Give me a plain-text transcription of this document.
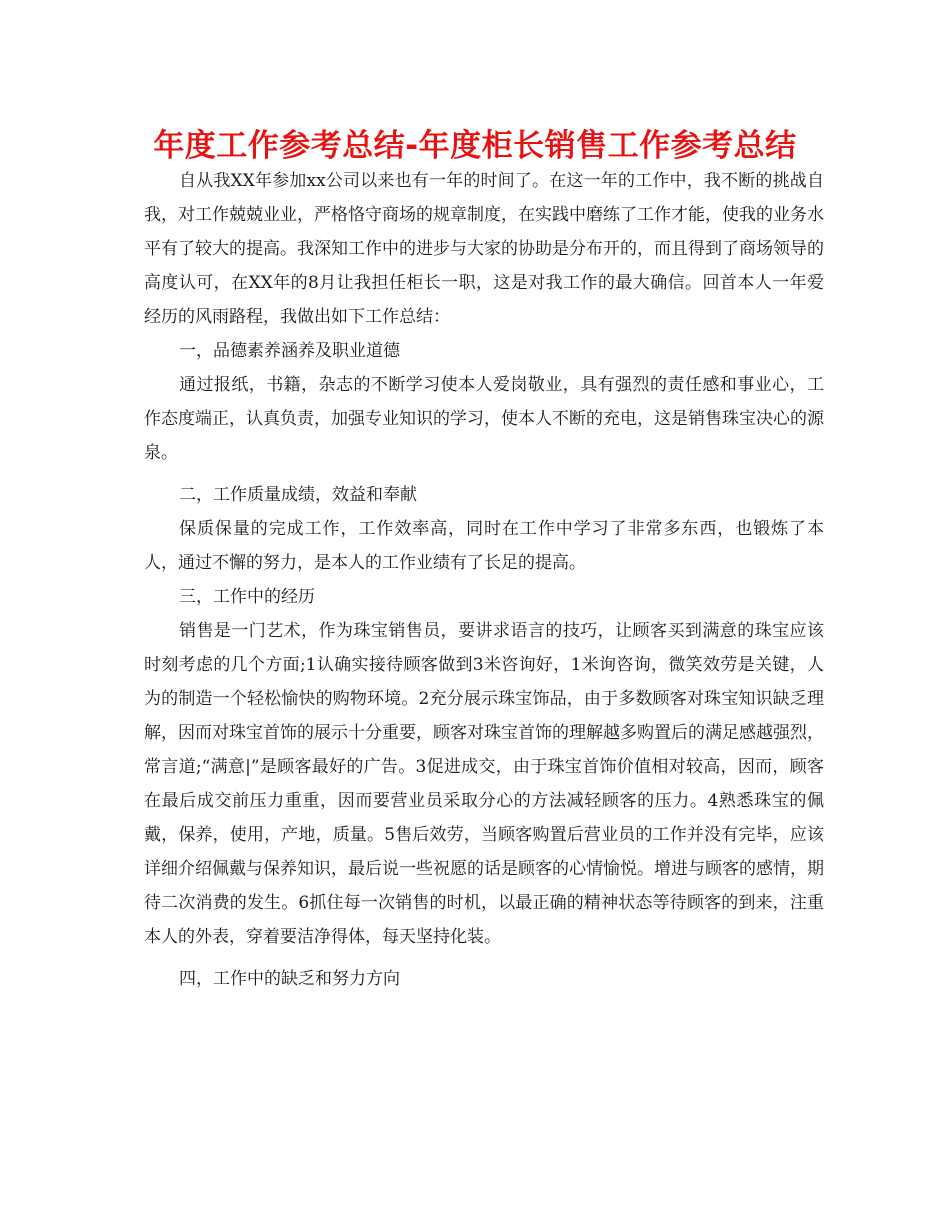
年度工作参考总结-年度柜长销售工作参考总结

自从我XX年参加xx公司以来也有一年的时间了。在这一年的工作中，我不断的挑战自我，对工作兢兢业业，严格恪守商场的规章制度，在实践中磨练了工作才能，使我的业务水平有了较大的提高。我深知工作中的进步与大家的协助是分布开的，而且得到了商场领导的高度认可，在XX年的8月让我担任柜长一职，这是对我工作的最大确信。回首本人一年爱经历的风雨路程，我做出如下工作总结：

一，品德素养涵养及职业道德

通过报纸，书籍，杂志的不断学习使本人爱岗敬业，具有强烈的责任感和事业心，工作态度端正，认真负责，加强专业知识的学习，使本人不断的充电，这是销售珠宝决心的源泉。

二，工作质量成绩，效益和奉献

保质保量的完成工作，工作效率高，同时在工作中学习了非常多东西，也锻炼了本人，通过不懈的努力，是本人的工作业绩有了长足的提高。

三，工作中的经历

销售是一门艺术，作为珠宝销售员，要讲求语言的技巧，让顾客买到满意的珠宝应该时刻考虑的几个方面;1认确实接待顾客做到3米咨询好，1米询咨询，微笑效劳是关键，人为的制造一个轻松愉快的购物环境。2充分展示珠宝饰品，由于多数顾客对珠宝知识缺乏理解，因而对珠宝首饰的展示十分重要，顾客对珠宝首饰的理解越多购置后的满足感越强烈，常言道;“满意|”是顾客最好的广告。3促进成交，由于珠宝首饰价值相对较高，因而，顾客在最后成交前压力重重，因而要营业员采取分心的方法减轻顾客的压力。4熟悉珠宝的佩戴，保养，使用，产地，质量。5售后效劳，当顾客购置后营业员的工作并没有完毕，应该详细介绍佩戴与保养知识，最后说一些祝愿的话是顾客的心情愉悦。增进与顾客的感情，期待二次消费的发生。6抓住每一次销售的时机，以最正确的精神状态等待顾客的到来，注重本人的外表，穿着要洁净得体，每天坚持化装。

四，工作中的缺乏和努力方向
